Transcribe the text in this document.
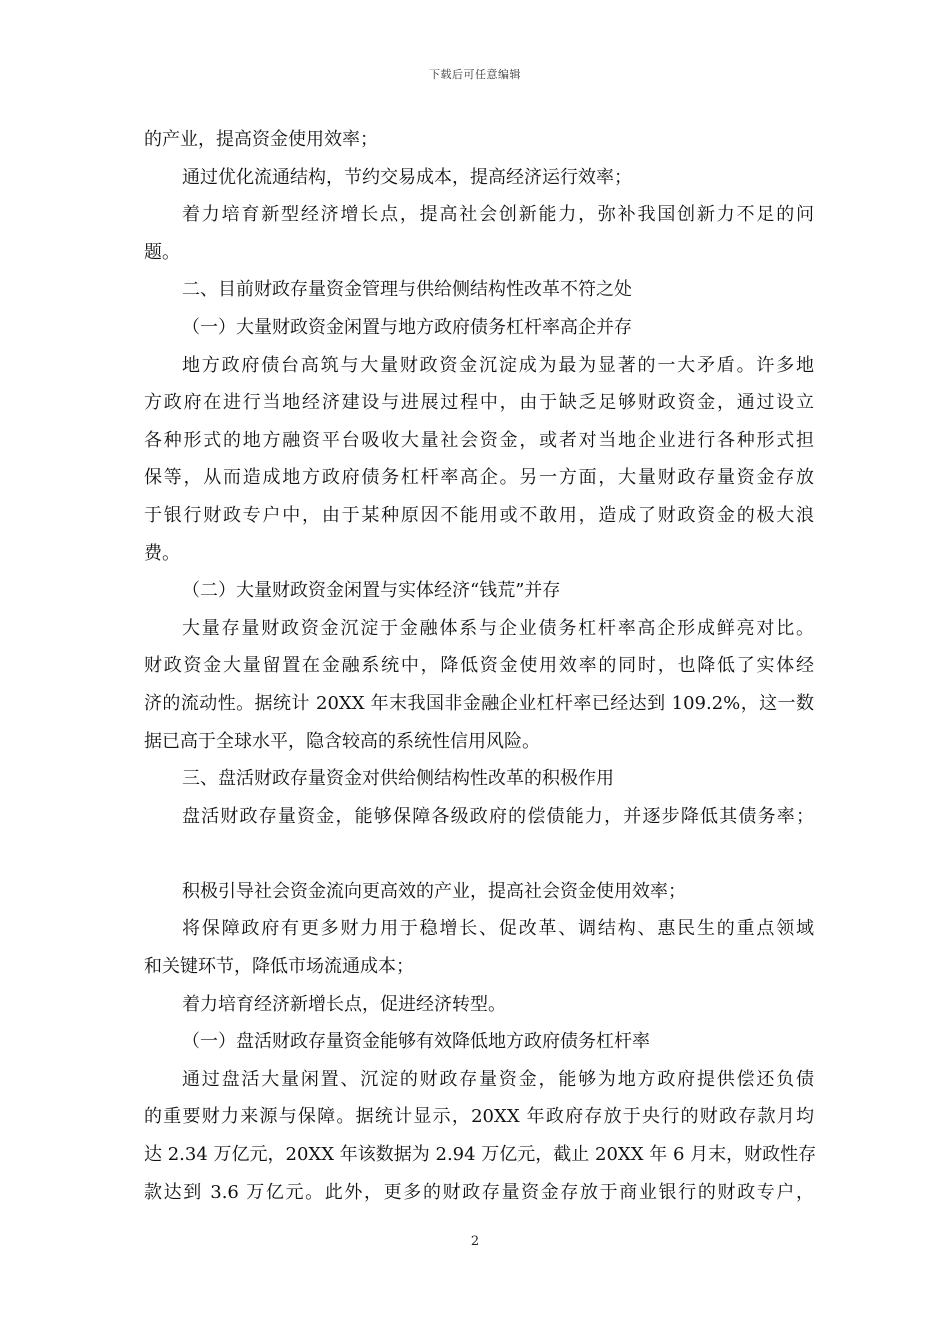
下载后可任意编辑
的产业，提高资金使用效率；
通过优化流通结构，节约交易成本，提高经济运行效率；
着力培育新型经济增长点，提高社会创新能力，弥补我国创新力不足的问
题。
二、目前财政存量资金管理与供给侧结构性改革不符之处
（一）大量财政资金闲置与地方政府债务杠杆率高企并存
地方政府债台高筑与大量财政资金沉淀成为最为显著的一大矛盾。许多地
方政府在进行当地经济建设与进展过程中，由于缺乏足够财政资金，通过设立
各种形式的地方融资平台吸收大量社会资金，或者对当地企业进行各种形式担
保等，从而造成地方政府债务杠杆率高企。另一方面，大量财政存量资金存放
于银行财政专户中，由于某种原因不能用或不敢用，造成了财政资金的极大浪
费。
（二）大量财政资金闲置与实体经济“钱荒”并存
大量存量财政资金沉淀于金融体系与企业债务杠杆率高企形成鲜亮对比。
财政资金大量留置在金融系统中，降低资金使用效率的同时，也降低了实体经
济的流动性。据统计 20XX 年末我国非金融企业杠杆率已经达到 109.2%，这一数
据已高于全球水平，隐含较高的系统性信用风险。
三、盘活财政存量资金对供给侧结构性改革的积极作用
盘活财政存量资金，能够保障各级政府的偿债能力，并逐步降低其债务率；
积极引导社会资金流向更高效的产业，提高社会资金使用效率；
将保障政府有更多财力用于稳增长、促改革、调结构、惠民生的重点领域
和关键环节，降低市场流通成本；
着力培育经济新增长点，促进经济转型。
（一）盘活财政存量资金能够有效降低地方政府债务杠杆率
通过盘活大量闲置、沉淀的财政存量资金，能够为地方政府提供偿还负债
的重要财力来源与保障。据统计显示，20XX 年政府存放于央行的财政存款月均
达 2.34 万亿元，20XX 年该数据为 2.94 万亿元，截止 20XX 年 6 月末，财政性存
款达到 3.6 万亿元。此外，更多的财政存量资金存放于商业银行的财政专户，
2
